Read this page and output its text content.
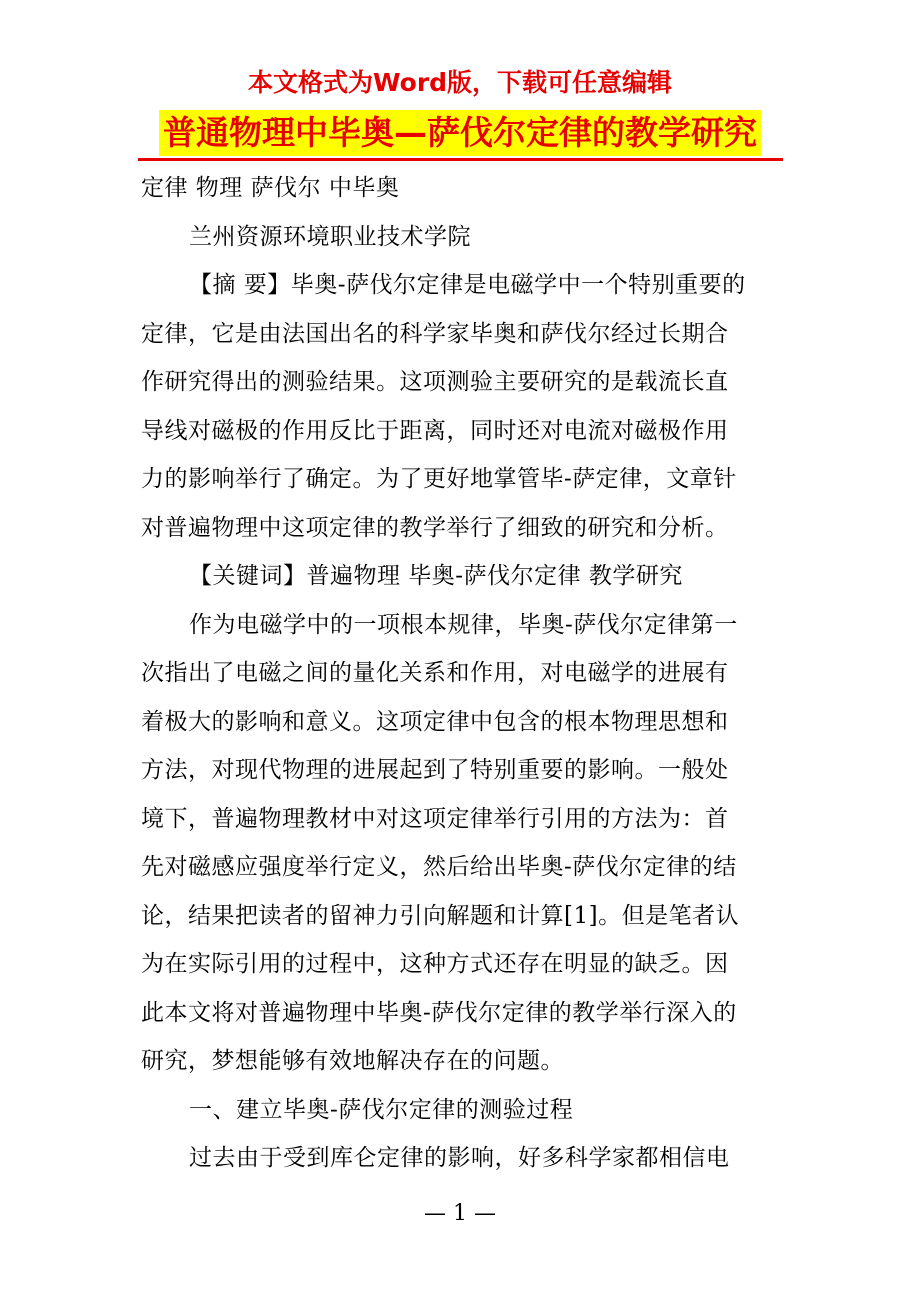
本文格式为Word版，下载可任意编辑
普通物理中毕奥—萨伐尔定律的教学研究

定律 物理 萨伐尔 中毕奥

兰州资源环境职业技术学院

【摘 要】毕奥-萨伐尔定律是电磁学中一个特别重要的

定律，它是由法国出名的科学家毕奥和萨伐尔经过长期合

作研究得出的测验结果。这项测验主要研究的是载流长直

导线对磁极的作用反比于距离，同时还对电流对磁极作用

力的影响举行了确定。为了更好地掌管毕-萨定律，文章针

对普遍物理中这项定律的教学举行了细致的研究和分析。

【关键词】普遍物理 毕奥-萨伐尔定律 教学研究

作为电磁学中的一项根本规律，毕奥-萨伐尔定律第一

次指出了电磁之间的量化关系和作用，对电磁学的进展有

着极大的影响和意义。这项定律中包含的根本物理思想和

方法，对现代物理的进展起到了特别重要的影响。一般处

境下，普遍物理教材中对这项定律举行引用的方法为：首

先对磁感应强度举行定义，然后给出毕奥-萨伐尔定律的结

论，结果把读者的留神力引向解题和计算[1]。但是笔者认

为在实际引用的过程中，这种方式还存在明显的缺乏。因

此本文将对普遍物理中毕奥-萨伐尔定律的教学举行深入的

研究，梦想能够有效地解决存在的问题。

一、建立毕奥-萨伐尔定律的测验过程

过去由于受到库仑定律的影响，好多科学家都相信电

— 1 —
